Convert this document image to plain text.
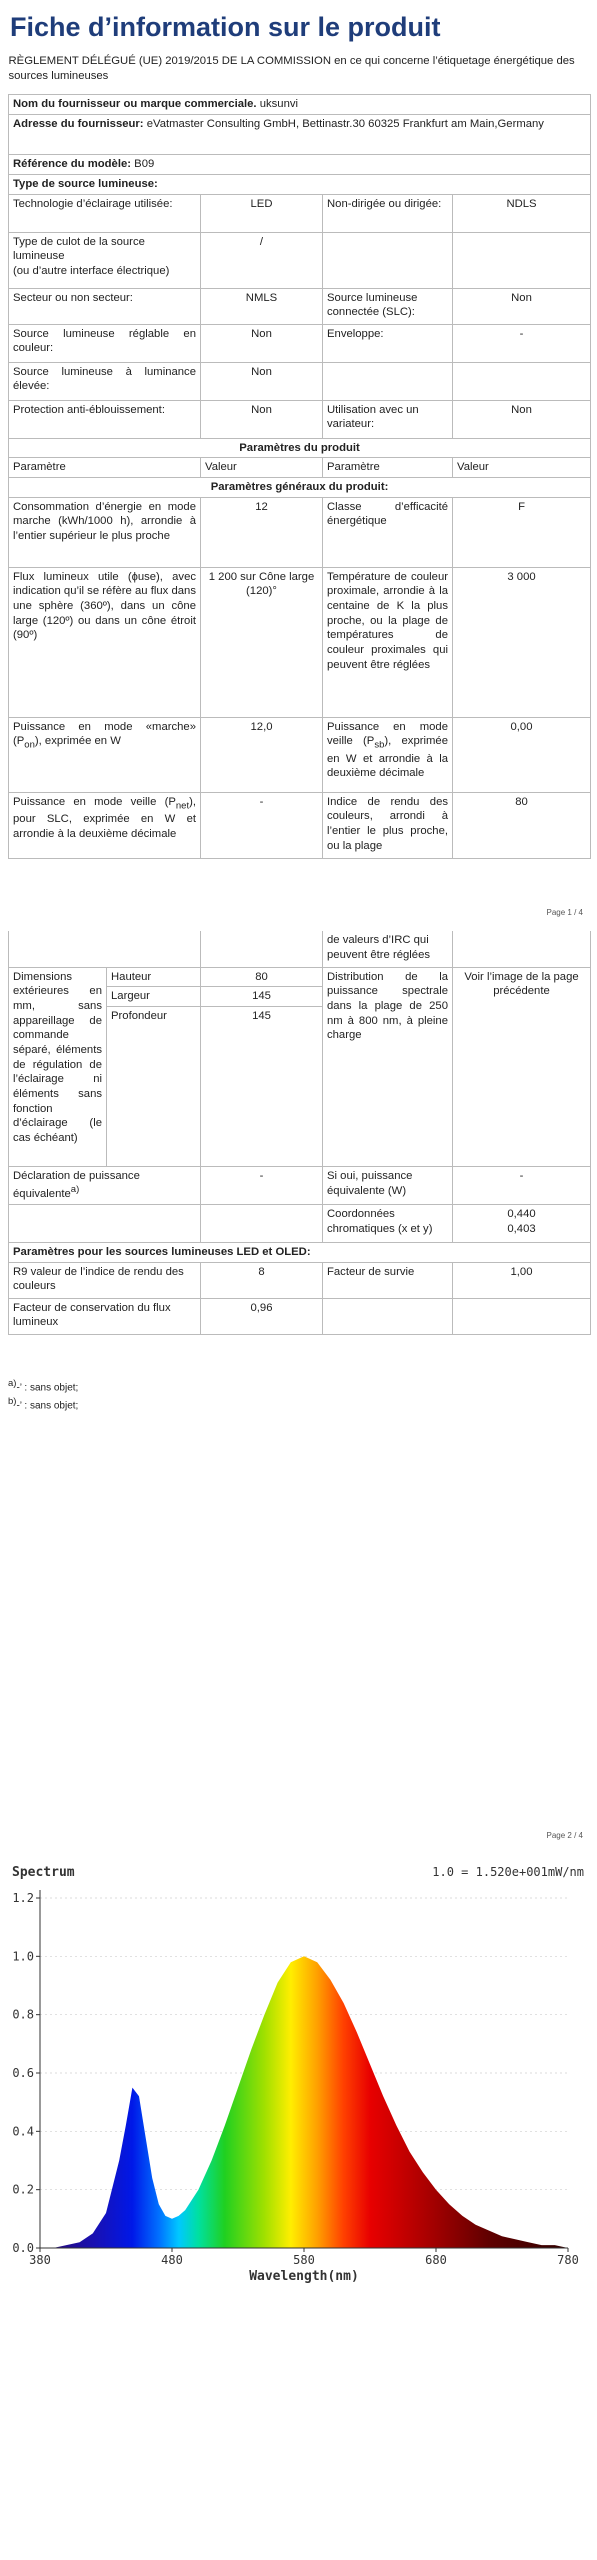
Fiche d’information sur le produit
RÈGLEMENT DÉLÉGUÉ (UE) 2019/2015 DE LA COMMISSION en ce qui concerne l’étiquetage énergétique des sources lumineuses			
Nom du fournisseur ou marque commerciale. uksunvi			
Adresse du fournisseur: eVatmaster Consulting GmbH, Bettinastr.30 60325 Frankfurt am Main,Germany			
Référence du modèle: B09			
Type de source lumineuse:			
Technologie d’éclairage utilisée:	LED	Non-dirigée ou dirigée:	NDLS
Type de culot de la source lumineuse
(ou d’autre interface électrique)	/		
Secteur ou non secteur:	NMLS	Source lumineuse connectée (SLC):	Non
Source lumineuse réglable en couleur:	Non	Enveloppe:	-
Source lumineuse à luminance élevée:	Non		
Protection anti-éblouissement:	Non	Utilisation avec un variateur:	Non
Paramètres du produit			
Paramètre	Valeur	Paramètre	Valeur
Paramètres généraux du produit:			
Consommation d’énergie en mode marche (kWh/1000 h), arrondie à l’entier supérieur le plus proche	12	Classe d’efficacité énergétique	F
Flux lumineux utile (ɸuse), avec indication qu’il se réfère au flux dans une sphère (360º), dans un cône large (120º) ou dans un cône étroit (90º)	1 200 sur Cône large (120)°	Température de couleur proximale, arrondie à la centaine de K la plus proche, ou la plage de températures de couleur proximales qui peuvent être réglées	3 000
Puissance en mode «marche» $(P_{on})$, exprimée en W	12,0	Puissance en mode veille $(P_{sb})$, exprimée en W et arrondie à la deuxième décimale	0,00
Puissance en mode veille $(P_{net})$, pour SLC, exprimée en W et arrondie à la deuxième décimale	-	Indice de rendu des couleurs, arrondi à l’entier le plus proche, ou la plage	80
Page 1 / 4
			de valeurs d’IRC qui peuvent être réglées	
Dimensions extérieures en mm, sans appareillage de commande séparé, éléments de régulation de l’éclairage ni éléments sans fonction d’éclairage (le cas échéant)	Hauteur	80	Distribution de la puissance spectrale dans la plage de 250 nm à 800 nm, à pleine charge	Voir l’image de la page précédente
	Largeur	145		
	Profondeur	145		
Déclaration de puissance équivalente$^{a)}$		-	Si oui, puissance équivalente (W)	-
			Coordonnées chromatiques (x et y)	0,440
0,403
Paramètres pour les sources lumineuses LED et OLED:				
R9 valeur de l’indice de rendu des couleurs		8	Facteur de survie	1,00
Facteur de conservation du flux lumineux		0,96		
$^{a)}$-’ : sans objet;
$^{b)}$-’ : sans objet;
Page 2 / 4
0.0
0.2
0.4
0.6
0.8
1.0
1.2
380	480	580	680	780
Spectrum	1.0 = 1.520e+001mW/nm
Wavelength(nm)
